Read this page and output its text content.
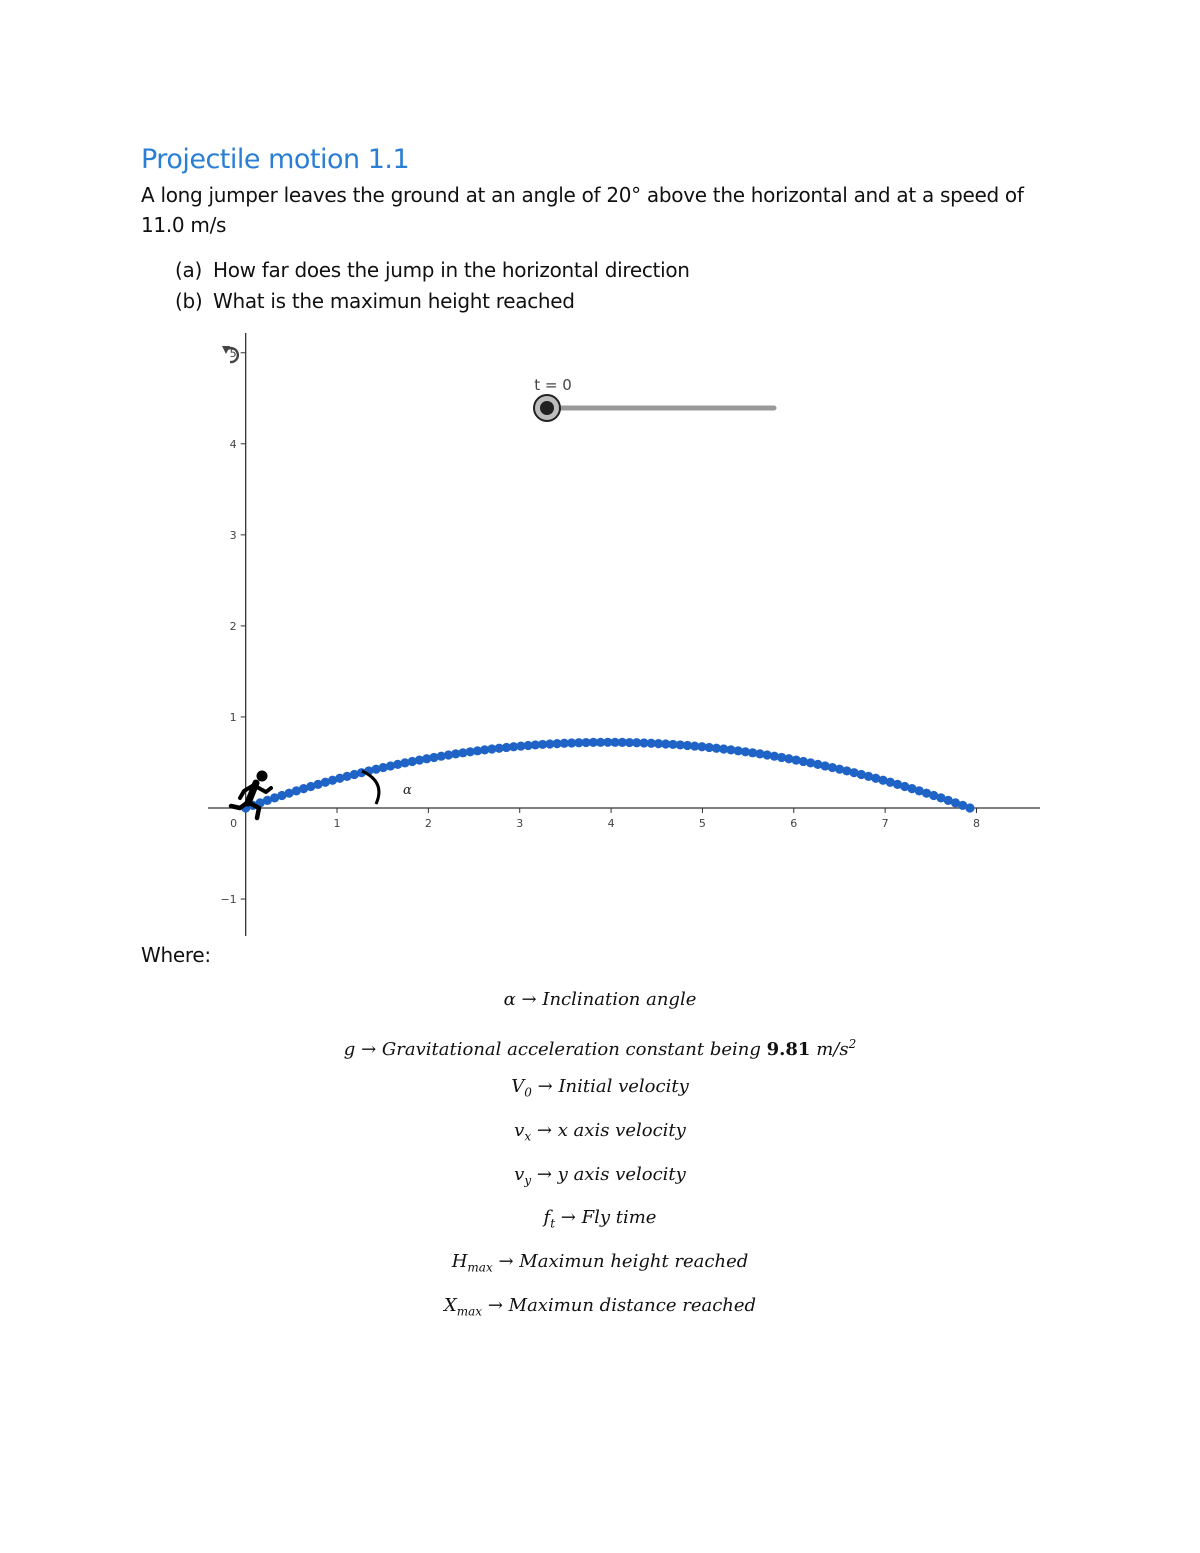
Projectile motion 1.1
A long jumper leaves the ground at an angle of 20° above the horizontal and at a speed of 11.0 m/s
(a) How far does the jump in the horizontal direction
(b) What is the maximun height reached
0	1	2	3	4	5	6	7	8
−1
1
2
3
4
5
t = 0
α
Where:
α → Inclination angle
g → Gravitational acceleration constant being 9.81 $m/s^2$
$V_0$ → Initial velocity
$v_x \to x$ axis velocity
$v_y \to y$ axis velocity
$f_t$ → Fly time
$H_{max}$ → Maximun height reached
$X_{max}$ → Maximun distance reached
